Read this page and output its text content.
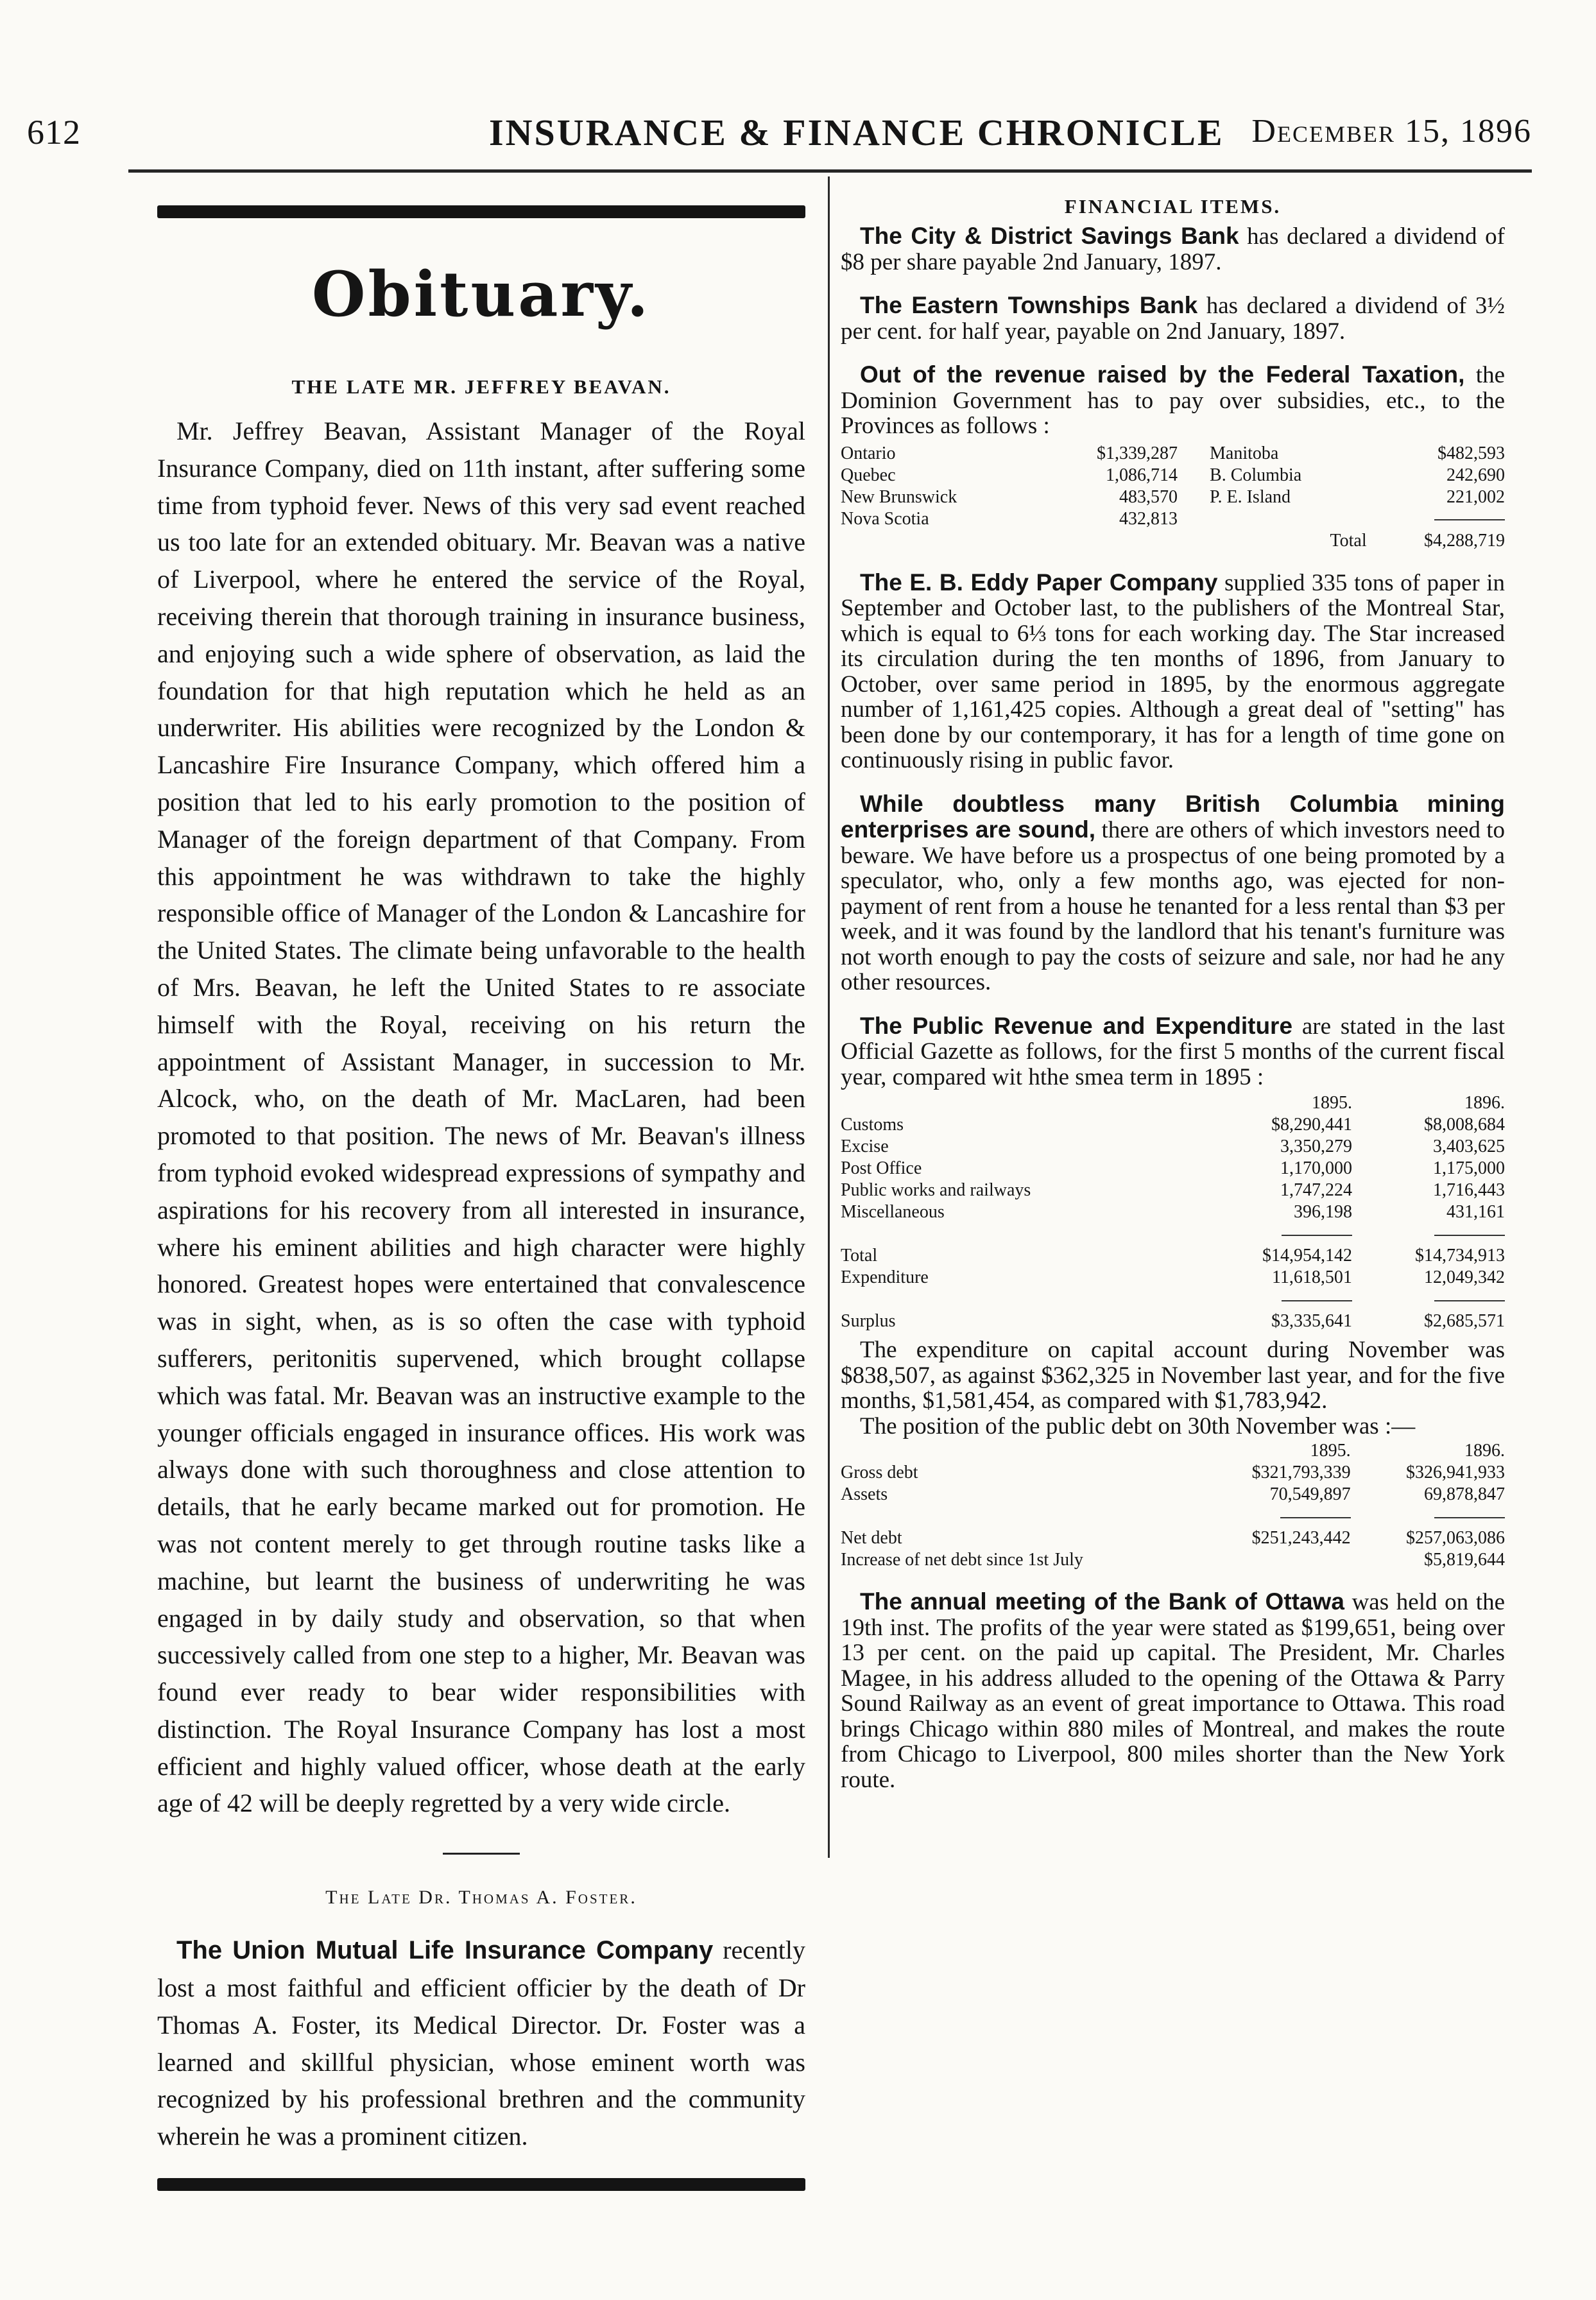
612	INSURANCE & FINANCE CHRONICLE December 15, 1896
Obituary.
THE LATE MR. JEFFREY BEAVAN.

Mr. Jeffrey Beavan, Assistant Manager of the Royal Insurance Company, died on 11th instant, after suffering some time from typhoid fever. News of this very sad event reached us too late for an extended obituary. Mr. Beavan was a native of Liverpool, where he entered the service of the Royal, receiving therein that thorough training in insurance business, and enjoying such a wide sphere of observation, as laid the foundation for that high reputation which he held as an underwriter. His abilities were recognized by the London & Lancashire Fire Insurance Company, which offered him a position that led to his early promotion to the position of Manager of the foreign department of that Company. From this appointment he was withdrawn to take the highly responsible office of Manager of the London & Lancashire for the United States. The climate being unfavorable to the health of Mrs. Beavan, he left the United States to re associate himself with the Royal, receiving on his return the appointment of Assistant Manager, in succession to Mr. Alcock, who, on the death of Mr. MacLaren, had been promoted to that position. The news of Mr. Beavan's illness from typhoid evoked widespread expressions of sympathy and aspirations for his recovery from all interested in insurance, where his eminent abilities and high character were highly honored. Greatest hopes were entertained that convalescence was in sight, when, as is so often the case with typhoid sufferers, peritonitis supervened, which brought collapse which was fatal. Mr. Beavan was an instructive example to the younger officials engaged in insurance offices. His work was always done with such thoroughness and close attention to details, that he early became marked out for promotion. He was not content merely to get through routine tasks like a machine, but learnt the business of underwriting he was engaged in by daily study and observation, so that when successively called from one step to a higher, Mr. Beavan was found ever ready to bear wider responsibilities with distinction. The Royal Insurance Company has lost a most efficient and highly valued officer, whose death at the early age of 42 will be deeply regretted by a very wide circle.

The Late Dr. Thomas A. Foster.

The Union Mutual Life Insurance Company recently lost a most faithful and efficient officier by the death of Dr Thomas A. Foster, its Medical Director. Dr. Foster was a learned and skillful physician, whose eminent worth was recognized by his professional brethren and the community wherein he was a prominent citizen.

FINANCIAL ITEMS.

The City & District Savings Bank has declared a dividend of $8 per share payable 2nd January, 1897.

The Eastern Townships Bank has declared a dividend of 3½ per cent. for half year, payable on 2nd January, 1897.

Out of the revenue raised by the Federal Taxation, the Dominion Government has to pay over subsidies, etc., to the Provinces as follows :

Ontario	$1,339,287		Manitoba	$482,593
Quebec	1,086,714		B. Columbia	242,690
New Brunswick	483,570		P. E. Island	221,002
Nova Scotia	432,813			
			Total	$4,288,719

The E. B. Eddy Paper Company supplied 335 tons of paper in September and October last, to the publishers of the Montreal Star, which is equal to 6⅓ tons for each working day. The Star increased its circulation during the ten months of 1896, from January to October, over same period in 1895, by the enormous aggregate number of 1,161,425 copies. Although a great deal of "setting" has been done by our contemporary, it has for a length of time gone on continuously rising in public favor.

While doubtless many British Columbia mining enterprises are sound, there are others of which investors need to beware. We have before us a prospectus of one being promoted by a speculator, who, only a few months ago, was ejected for non-payment of rent from a house he tenanted for a less rental than $3 per week, and it was found by the landlord that his tenant's furniture was not worth enough to pay the costs of seizure and sale, nor had he any other resources.

The Public Revenue and Expenditure are stated in the last Official Gazette as follows, for the first 5 months of the current fiscal year, compared wit hthe smea term in 1895 :

	1895.	1896.
Customs	$8,290,441	$8,008,684
Excise	3,350,279	3,403,625
Post Office	1,170,000	1,175,000
Public works and railways	1,747,224	1,716,443
Miscellaneous	396,198	431,161

Total	$14,954,142	$14,734,913
Expenditure	11,618,501	12,049,342

Surplus	$3,335,641	$2,685,571

The expenditure on capital account during November was $838,507, as against $362,325 in November last year, and for the five months, $1,581,454, as compared with $1,783,942.

The position of the public debt on 30th November was :—

	1895.	1896.
Gross debt	$321,793,339	$326,941,933
Assets	70,549,897	69,878,847

Net debt	$251,243,442	$257,063,086
Increase of net debt since 1st July		$5,819,644

The annual meeting of the Bank of Ottawa was held on the 19th inst. The profits of the year were stated as $199,651, being over 13 per cent. on the paid up capital. The President, Mr. Charles Magee, in his address alluded to the opening of the Ottawa & Parry Sound Railway as an event of great importance to Ottawa. This road brings Chicago within 880 miles of Montreal, and makes the route from Chicago to Liverpool, 800 miles shorter than the New York route.
